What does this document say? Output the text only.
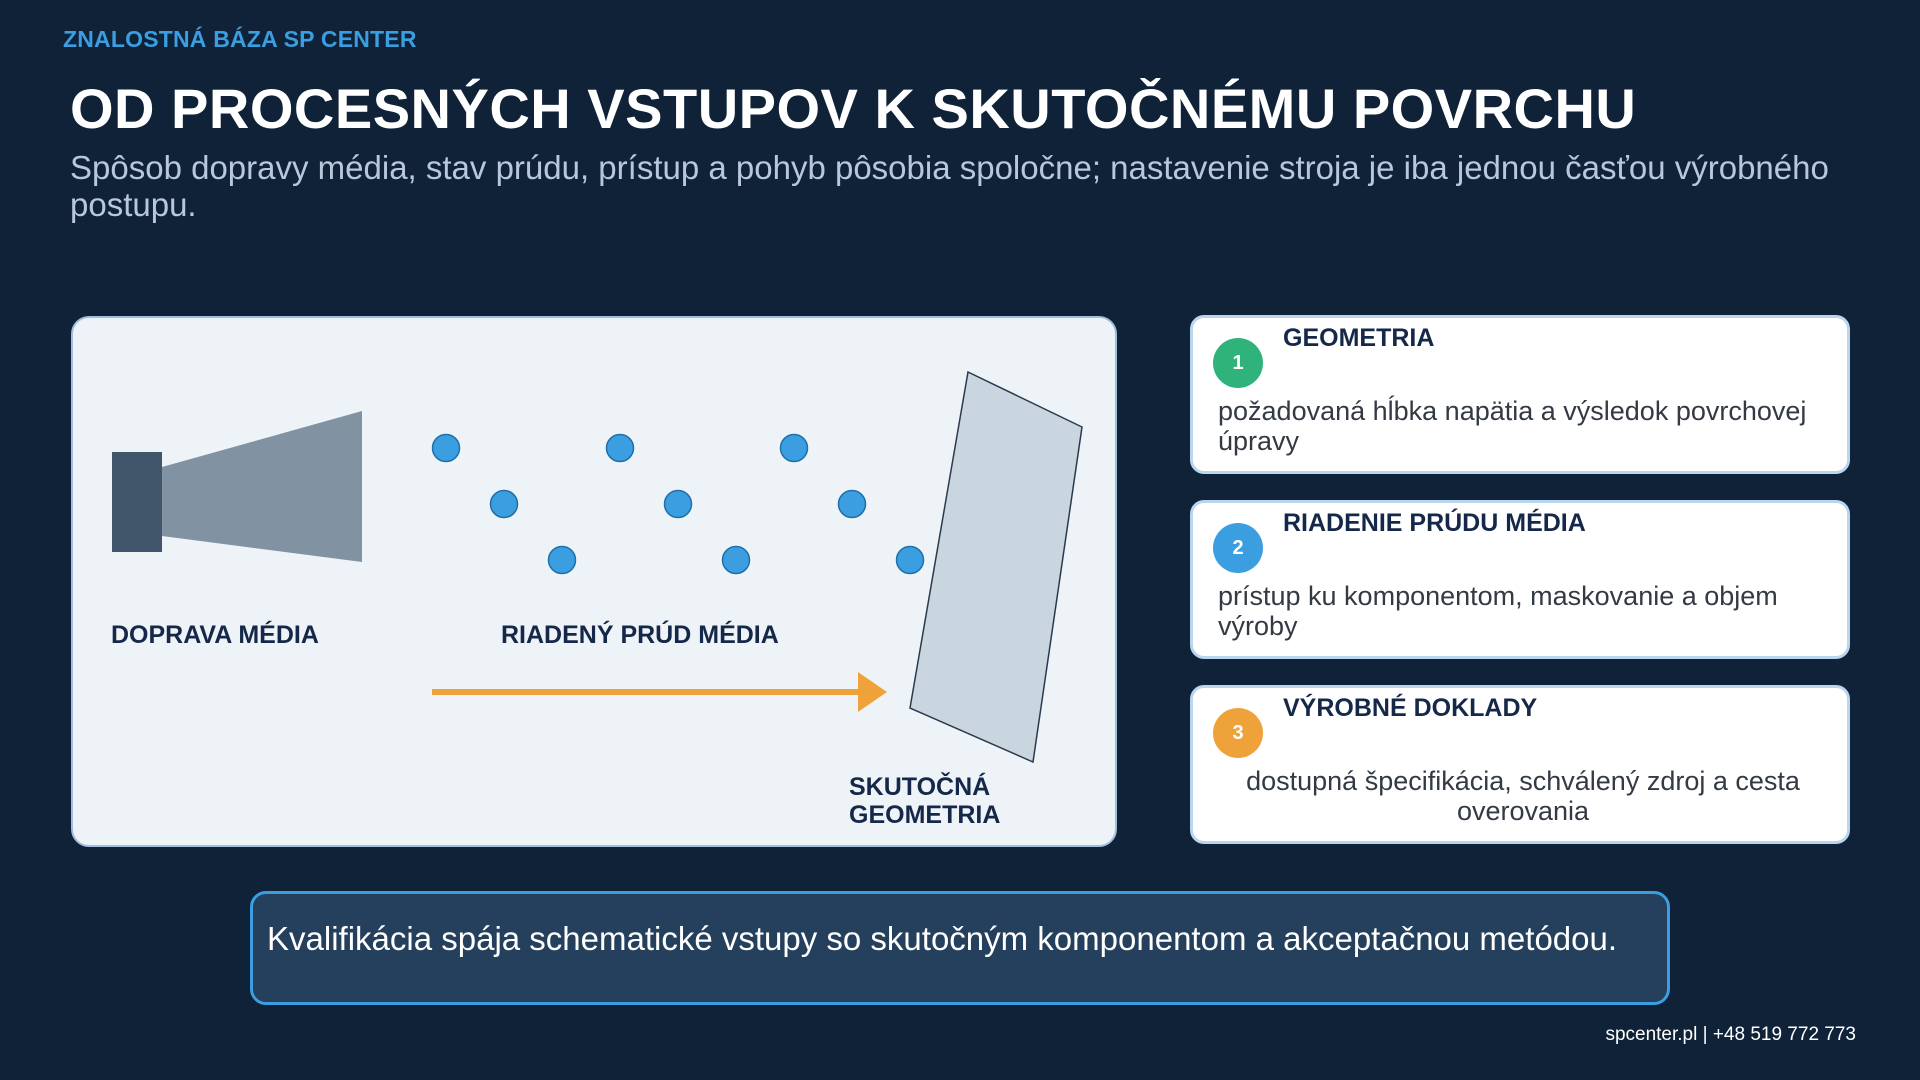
ZNALOSTNÁ BÁZA SP CENTER
OD PROCESNÝCH VSTUPOV K SKUTOČNÉMU POVRCHU
Spôsob dopravy média, stav prúdu, prístup a pohyb pôsobia spoločne; nastavenie stroja je iba jednou časťou výrobného postupu.
DOPRAVA MÉDIA	RIADENÝ PRÚD MÉDIA
SKUTOČNÁ GEOMETRIA
1
GEOMETRIA
požadovaná hĺbka napätia a výsledok povrchovej úpravy
2
RIADENIE PRÚDU MÉDIA
prístup ku komponentom, maskovanie a objem výroby
3
VÝROBNÉ DOKLADY
dostupná špecifikácia, schválený zdroj a cesta overovania
Kvalifikácia spája schematické vstupy so skutočným komponentom a akceptačnou metódou.
spcenter.pl | +48 519 772 773
